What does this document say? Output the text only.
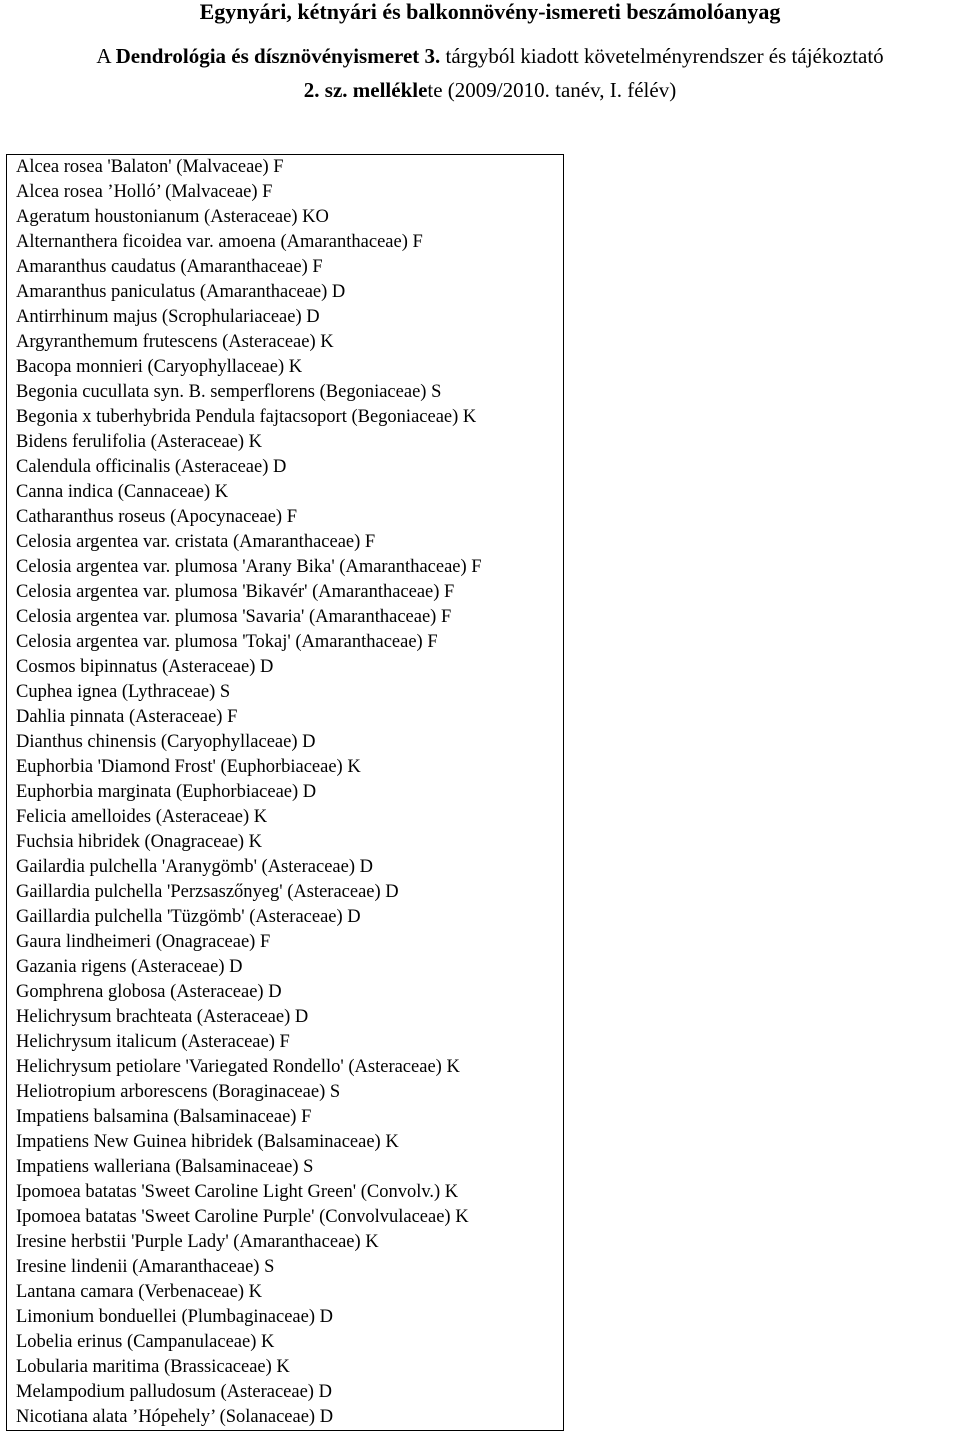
Egynyári, kétnyári és balkonnövény-ismereti beszámolóanyag
A Dendrológia és dísznövényismeret 3. tárgyból kiadott követelményrendszer és tájékoztató
2. sz. melléklete (2009/2010. tanév, I. félév)
Alcea rosea 'Balaton' (Malvaceae) F
Alcea rosea ’Holló’ (Malvaceae) F
Ageratum houstonianum (Asteraceae) KO
Alternanthera ficoidea var. amoena (Amaranthaceae) F
Amaranthus caudatus (Amaranthaceae) F
Amaranthus paniculatus (Amaranthaceae) D
Antirrhinum majus (Scrophulariaceae) D
Argyranthemum frutescens (Asteraceae) K
Bacopa monnieri (Caryophyllaceae) K
Begonia cucullata syn. B. semperflorens (Begoniaceae) S
Begonia x tuberhybrida Pendula fajtacsoport (Begoniaceae) K
Bidens ferulifolia (Asteraceae) K
Calendula officinalis (Asteraceae) D
Canna indica (Cannaceae) K
Catharanthus roseus (Apocynaceae) F
Celosia argentea var. cristata (Amaranthaceae) F
Celosia argentea var. plumosa 'Arany Bika' (Amaranthaceae) F
Celosia argentea var. plumosa 'Bikavér' (Amaranthaceae) F
Celosia argentea var. plumosa 'Savaria' (Amaranthaceae) F
Celosia argentea var. plumosa 'Tokaj' (Amaranthaceae) F
Cosmos bipinnatus (Asteraceae) D
Cuphea ignea (Lythraceae) S
Dahlia pinnata (Asteraceae) F
Dianthus chinensis (Caryophyllaceae) D
Euphorbia 'Diamond Frost' (Euphorbiaceae) K
Euphorbia marginata (Euphorbiaceae) D
Felicia amelloides (Asteraceae) K
Fuchsia hibridek (Onagraceae) K
Gailardia pulchella 'Aranygömb' (Asteraceae) D
Gaillardia pulchella 'Perzsaszőnyeg' (Asteraceae) D
Gaillardia pulchella 'Tüzgömb' (Asteraceae) D
Gaura lindheimeri (Onagraceae) F
Gazania rigens (Asteraceae) D
Gomphrena globosa (Asteraceae) D
Helichrysum brachteata (Asteraceae) D
Helichrysum italicum (Asteraceae) F
Helichrysum petiolare 'Variegated Rondello' (Asteraceae) K
Heliotropium arborescens (Boraginaceae) S
Impatiens balsamina (Balsaminaceae) F
Impatiens New Guinea hibridek (Balsaminaceae) K
Impatiens walleriana (Balsaminaceae) S
Ipomoea batatas 'Sweet Caroline Light Green' (Convolv.) K
Ipomoea batatas 'Sweet Caroline Purple' (Convolvulaceae) K
Iresine herbstii 'Purple Lady' (Amaranthaceae) K
Iresine lindenii (Amaranthaceae) S
Lantana camara (Verbenaceae) K
Limonium bonduellei (Plumbaginaceae) D
Lobelia erinus (Campanulaceae) K
Lobularia maritima (Brassicaceae) K
Melampodium palludosum (Asteraceae) D
Nicotiana alata ’Hópehely’ (Solanaceae) D
